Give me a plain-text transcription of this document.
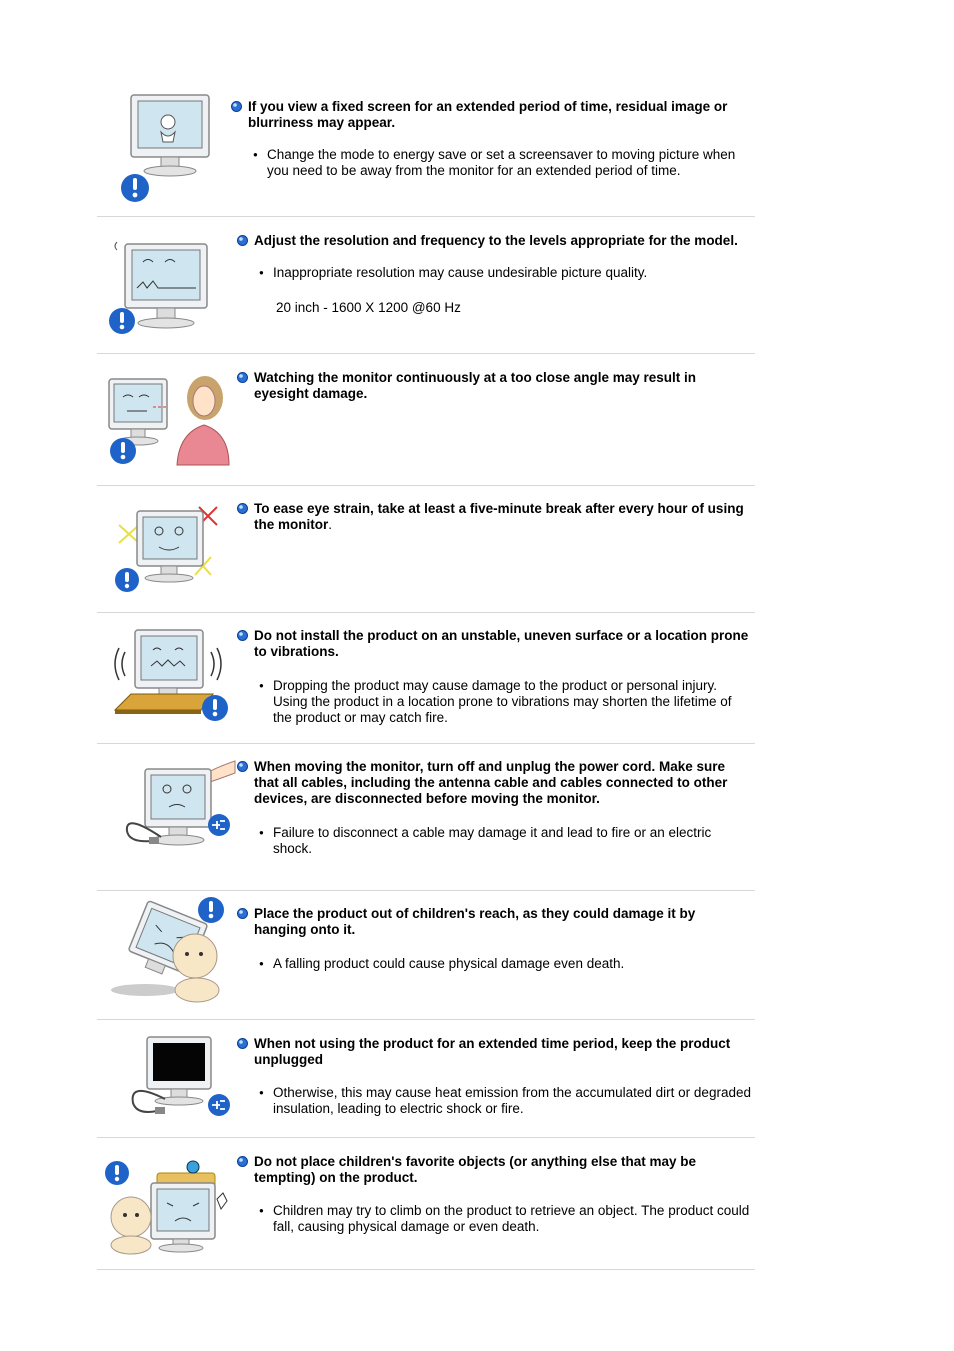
If you view a fixed screen for an extended period of time, residual image or blurriness may appear.
● Change the mode to energy save or set a screensaver to moving picture when you need to be away from the monitor for an extended period of time.
Adjust the resolution and frequency to the levels appropriate for the model.
● Inappropriate resolution may cause undesirable picture quality.
20 inch - 1600 X 1200 @60 Hz
Watching the monitor continuously at a too close angle may result in eyesight damage.
To ease eye strain, take at least a five-minute break after every hour of using the monitor.
Do not install the product on an unstable, uneven surface or a location prone to vibrations.
● Dropping the product may cause damage to the product or personal injury. Using the product in a location prone to vibrations may shorten the lifetime of the product or may catch fire.
When moving the monitor, turn off and unplug the power cord. Make sure that all cables, including the antenna cable and cables connected to other devices, are disconnected before moving the monitor.
● Failure to disconnect a cable may damage it and lead to fire or an electric shock.
Place the product out of children's reach, as they could damage it by hanging onto it.
● A falling product could cause physical damage even death.
When not using the product for an extended time period, keep the product unplugged
● Otherwise, this may cause heat emission from the accumulated dirt or degraded insulation, leading to electric shock or fire.
Do not place children's favorite objects (or anything else that may be tempting) on the product.
● Children may try to climb on the product to retrieve an object. The product could fall, causing physical damage or even death.
